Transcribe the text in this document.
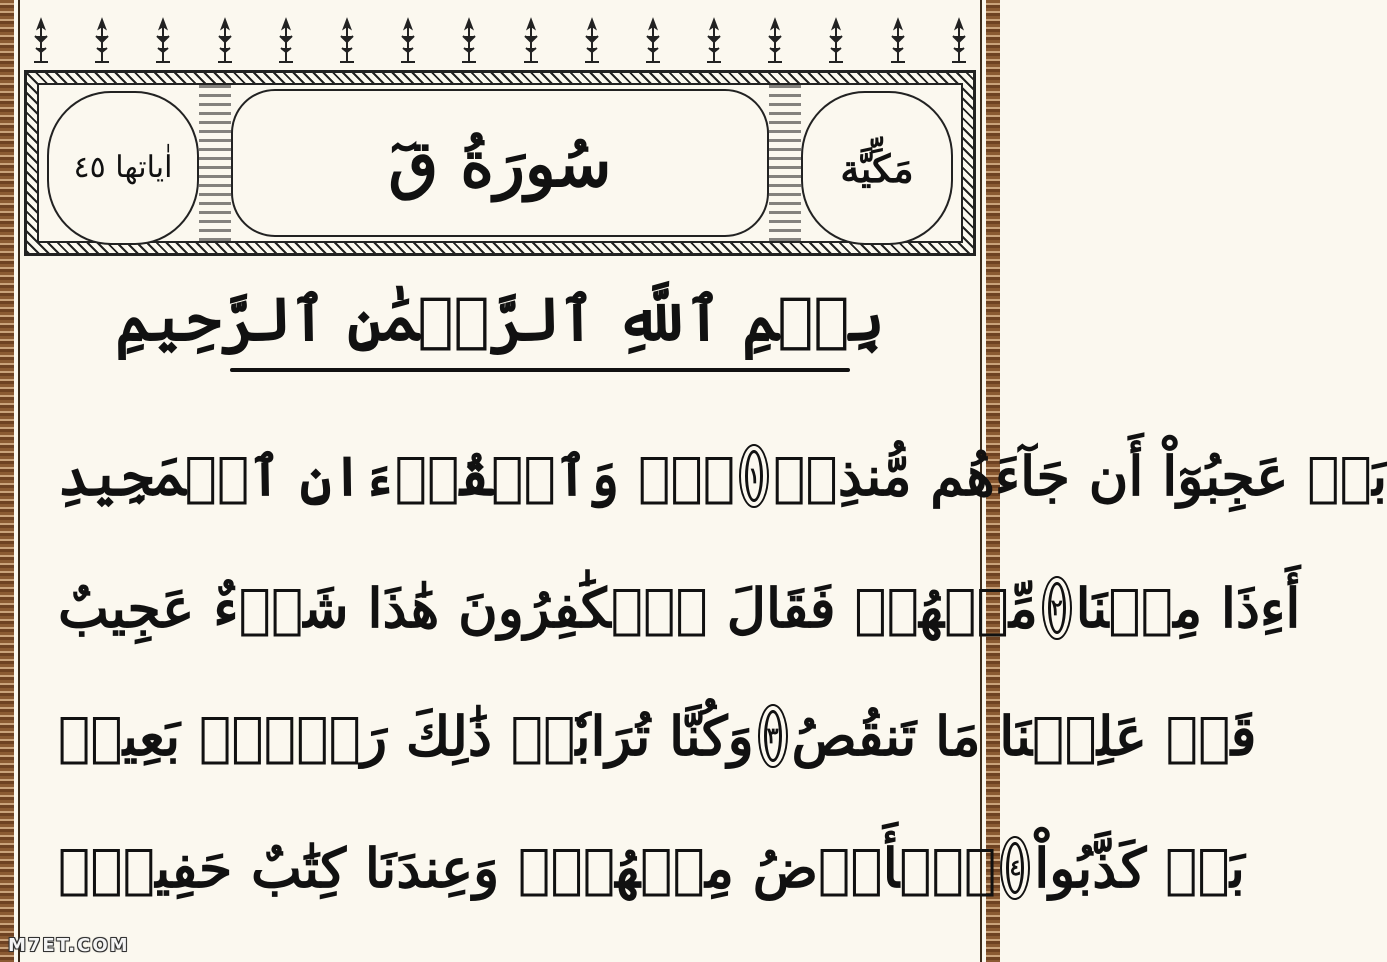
اٰياتها ٤٥	سُورَةُ قٓ	مَكِّيَّة
بِسۡمِ ٱللَّهِ ٱلرَّحۡمَٰنِ ٱلرَّحِيمِ
قٓۚ وَٱلۡقُرۡءَانِ ٱلۡمَجِيدِ ١ بَلۡ عَجِبُوٓاْ أَن جَآءَهُم مُّنذِرٞ
مِّنۡهُمۡ فَقَالَ ٱلۡكَٰفِرُونَ هَٰذَا شَيۡءٌ عَجِيبٌ ٢ أَءِذَا مِتۡنَا
وَكُنَّا تُرَابٗاۖ ذَٰلِكَ رَجۡعُۢ بَعِيدٞ ٣ قَدۡ عَلِمۡنَا مَا تَنقُصُ
ٱلۡأَرۡضُ مِنۡهُمۡۖ وَعِندَنَا كِتَٰبٌ حَفِيظُۢ ٤ بَلۡ كَذَّبُواْ
M7ET.COM
